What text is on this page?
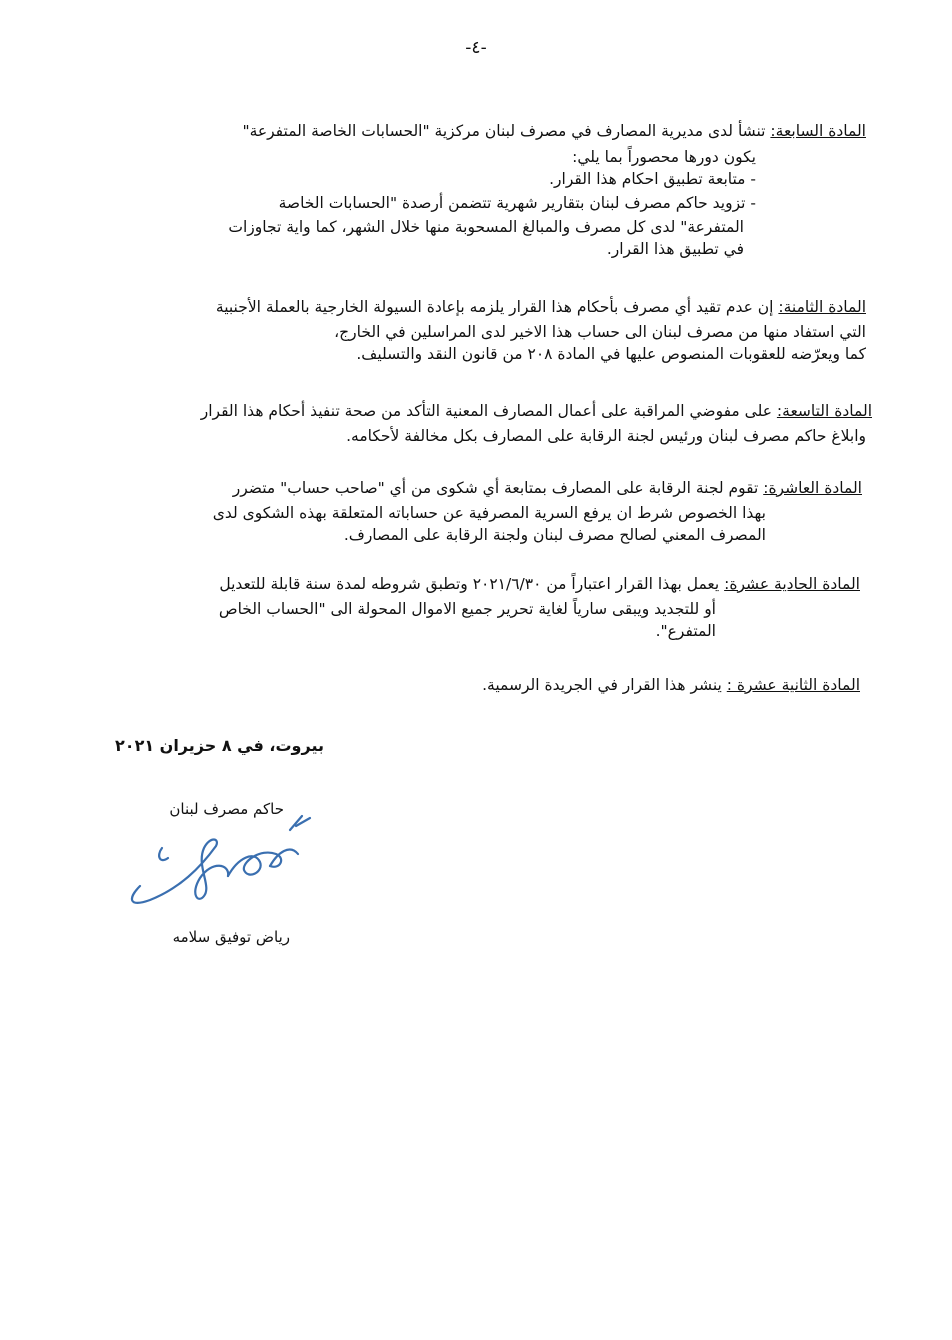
-٤-

المادة السابعة: تنشأ لدى مديرية المصارف في مصرف لبنان مركزية "الحسابات الخاصة المتفرعة"

يكون دورها محصوراً بما يلي:

- متابعة تطبيق احكام هذا القرار.

- تزويد حاكم مصرف لبنان بتقارير شهرية تتضمن أرصدة "الحسابات الخاصة

المتفرعة" لدى كل مصرف والمبالغ المسحوبة منها خلال الشهر، كما واية تجاوزات

في تطبيق هذا القرار.

المادة الثامنة: إن عدم تقيد أي مصرف بأحكام هذا القرار يلزمه بإعادة السيولة الخارجية بالعملة الأجنبية

التي استفاد منها من مصرف لبنان الى حساب هذا الاخير لدى المراسلين في الخارج،

كما ويعرّضه للعقوبات المنصوص عليها في المادة ٢٠٨ من قانون النقد والتسليف.

المادة التاسعة: على مفوضي المراقبة على أعمال المصارف المعنية التأكد من صحة تنفيذ أحكام هذا القرار

وابلاغ حاكم مصرف لبنان ورئيس لجنة الرقابة على المصارف بكل مخالفة لأحكامه.

المادة العاشرة: تقوم لجنة الرقابة على المصارف بمتابعة أي شكوى من أي "صاحب حساب" متضرر

بهذا الخصوص شرط ان يرفع السرية المصرفية عن حساباته المتعلقة بهذه الشكوى لدى

المصرف المعني لصالح مصرف لبنان ولجنة الرقابة على المصارف.

المادة الحادية عشرة: يعمل بهذا القرار اعتباراً من ٢٠٢١/٦/٣٠ وتطبق شروطه لمدة سنة قابلة للتعديل

أو للتجديد ويبقى سارياً لغاية تحرير جميع الاموال المحولة الى "الحساب الخاص

المتفرع".

المادة الثانية عشرة : ينشر هذا القرار في الجريدة الرسمية.

بيروت، في ٨ حزيران ٢٠٢١
حاكم مصرف لبنان
رياض توفيق سلامه
